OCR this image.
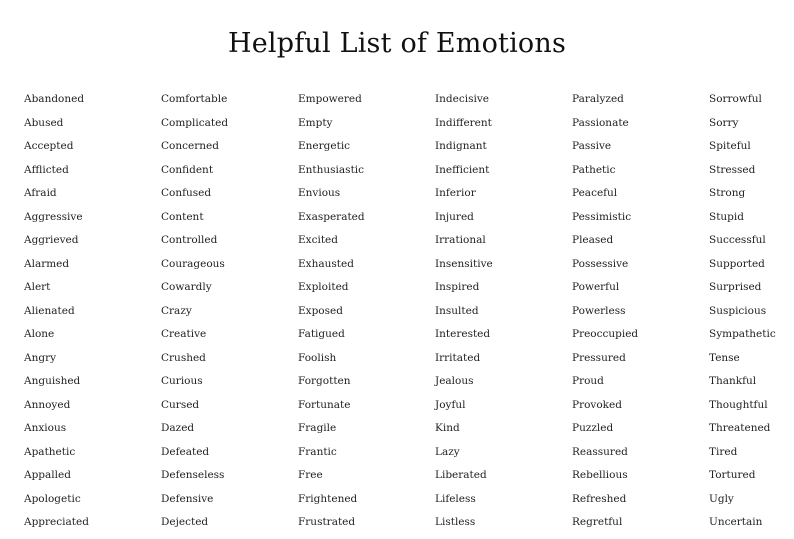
Helpful List of Emotions
Abandoned
Abused
Accepted
Afflicted
Afraid
Aggressive
Aggrieved
Alarmed
Alert
Alienated
Alone
Angry
Anguished
Annoyed
Anxious
Apathetic
Appalled
Apologetic
Appreciated
Comfortable
Complicated
Concerned
Confident
Confused
Content
Controlled
Courageous
Cowardly
Crazy
Creative
Crushed
Curious
Cursed
Dazed
Defeated
Defenseless
Defensive
Dejected
Empowered
Empty
Energetic
Enthusiastic
Envious
Exasperated
Excited
Exhausted
Exploited
Exposed
Fatigued
Foolish
Forgotten
Fortunate
Fragile
Frantic
Free
Frightened
Frustrated
Indecisive
Indifferent
Indignant
Inefficient
Inferior
Injured
Irrational
Insensitive
Inspired
Insulted
Interested
Irritated
Jealous
Joyful
Kind
Lazy
Liberated
Lifeless
Listless
Paralyzed
Passionate
Passive
Pathetic
Peaceful
Pessimistic
Pleased
Possessive
Powerful
Powerless
Preoccupied
Pressured
Proud
Provoked
Puzzled
Reassured
Rebellious
Refreshed
Regretful
Sorrowful
Sorry
Spiteful
Stressed
Strong
Stupid
Successful
Supported
Surprised
Suspicious
Sympathetic
Tense
Thankful
Thoughtful
Threatened
Tired
Tortured
Ugly
Uncertain
